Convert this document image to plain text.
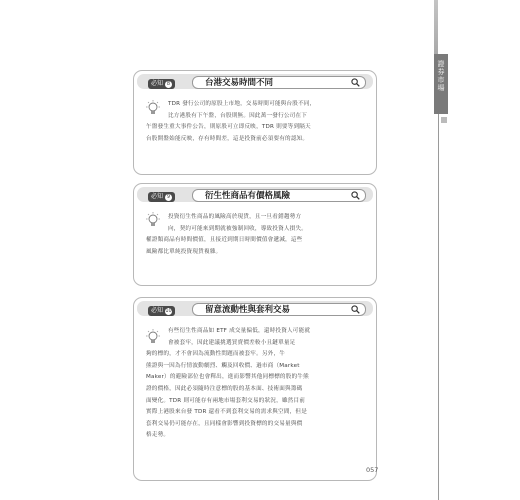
證券市場
必知 8	台港交易時間不同

TDR 發行公司的原股上市地，交易時間可能與台股不同，

比方港股有下午盤，台股則無。因此萬一發行公司在下

午盤發生重大事件公告，則原股可立即反映，TDR 則要等到隔天

台股開盤始能反映，存有時間差，這是投資前必須要有的認知。

必知 9	衍生性商品有價格風險

投資衍生性商品的風險高於現貨，且一旦看錯趨勢方

向，契約可能來到期就被強制回收，導致投資人損失。

權證類商品有時間價值，且接近到期日時間價值會遞減，這些

風險都比單純投資現貨複雜。

必知 10	留意流動性與套利交易

有些衍生性商品如 ETF 成交量偏低，還時投資人可能就

會被套牢，因此建議挑選買賣價差較小且鏈單量足

夠的標的，才不會因為流動性問題而被套牢。另外，牛

熊證與一因為行情波動劇烈、觸及回收價、過市商（Market

Maker）的避險部位也會釋出，進而影響其他同標標的股的牛熊

證的價格，因此必須隨時注意標的股的基本面、技術面與籌碼

面變化。TDR 則可能存有兩地市場套利交易的狀況，雖然目前

實際上港股來台發 TDR 還看不到套利交易的需求與空間，但是

套利交易仍可能存在，且同樣會影響到投資標的的交易量與價

格走勢。

057
